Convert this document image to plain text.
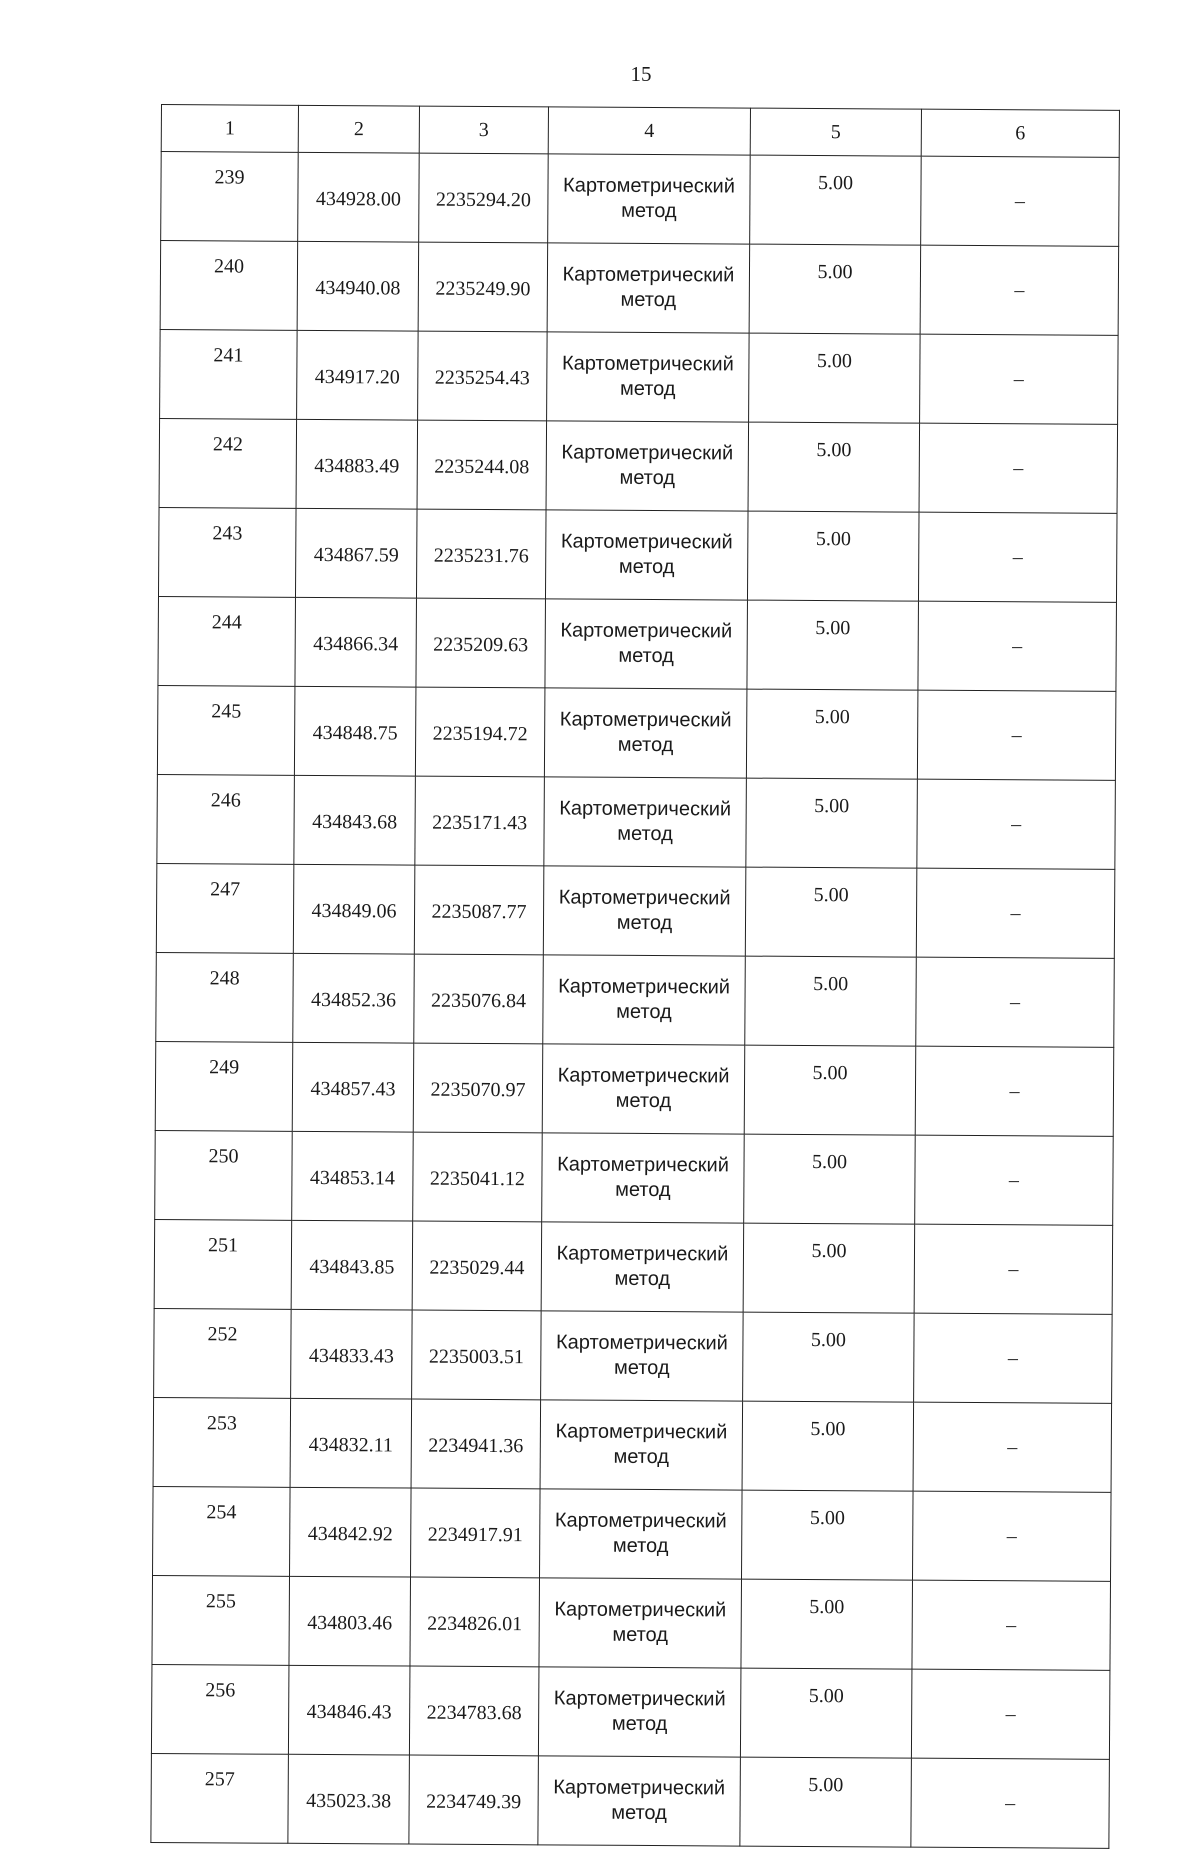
15
1	2	3	4	5	6
239	434928.00	2235294.20	Картометрический
метод	5.00	–
240	434940.08	2235249.90	Картометрический
метод	5.00	–
241	434917.20	2235254.43	Картометрический
метод	5.00	–
242	434883.49	2235244.08	Картометрический
метод	5.00	–
243	434867.59	2235231.76	Картометрический
метод	5.00	–
244	434866.34	2235209.63	Картометрический
метод	5.00	–
245	434848.75	2235194.72	Картометрический
метод	5.00	–
246	434843.68	2235171.43	Картометрический
метод	5.00	–
247	434849.06	2235087.77	Картометрический
метод	5.00	–
248	434852.36	2235076.84	Картометрический
метод	5.00	–
249	434857.43	2235070.97	Картометрический
метод	5.00	–
250	434853.14	2235041.12	Картометрический
метод	5.00	–
251	434843.85	2235029.44	Картометрический
метод	5.00	–
252	434833.43	2235003.51	Картометрический
метод	5.00	–
253	434832.11	2234941.36	Картометрический
метод	5.00	–
254	434842.92	2234917.91	Картометрический
метод	5.00	–
255	434803.46	2234826.01	Картометрический
метод	5.00	–
256	434846.43	2234783.68	Картометрический
метод	5.00	–
257	435023.38	2234749.39	Картометрический
метод	5.00	–
